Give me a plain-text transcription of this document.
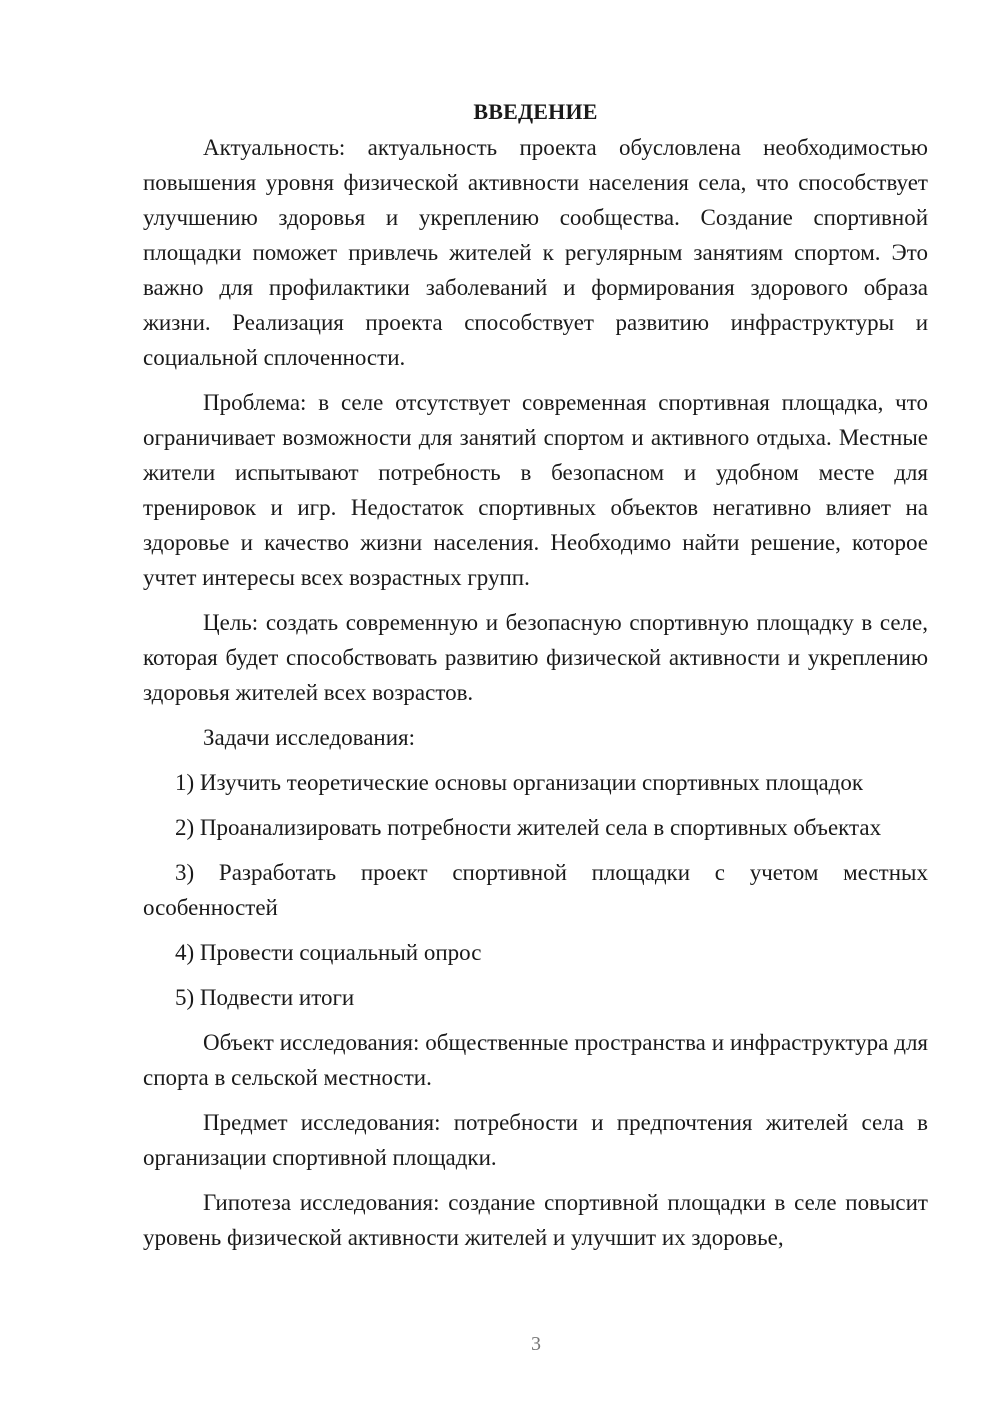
ВВЕДЕНИЕ

Актуальность: актуальность проекта обусловлена необходимостью повышения уровня физической активности населения села, что способствует улучшению здоровья и укреплению сообщества. Создание спортивной площадки поможет привлечь жителей к регулярным занятиям спортом. Это важно для профилактики заболеваний и формирования здорового образа жизни. Реализация проекта способствует развитию инфраструктуры и социальной сплоченности.

Проблема: в селе отсутствует современная спортивная площадка, что ограничивает возможности для занятий спортом и активного отдыха. Местные жители испытывают потребность в безопасном и удобном месте для тренировок и игр. Недостаток спортивных объектов негативно влияет на здоровье и качество жизни населения. Необходимо найти решение, которое учтет интересы всех возрастных групп.

Цель: создать современную и безопасную спортивную площадку в селе, которая будет способствовать развитию физической активности и укреплению здоровья жителей всех возрастов.

Задачи исследования:

1) Изучить теоретические основы организации спортивных площадок

2) Проанализировать потребности жителей села в спортивных объектах

3) Разработать проект спортивной площадки с учетом местных особенностей

4) Провести социальный опрос

5) Подвести итоги

Объект исследования: общественные пространства и инфраструктура для спорта в сельской местности.

Предмет исследования: потребности и предпочтения жителей села в организации спортивной площадки.

Гипотеза исследования: создание спортивной площадки в селе повысит уровень физической активности жителей и улучшит их здоровье,

3
